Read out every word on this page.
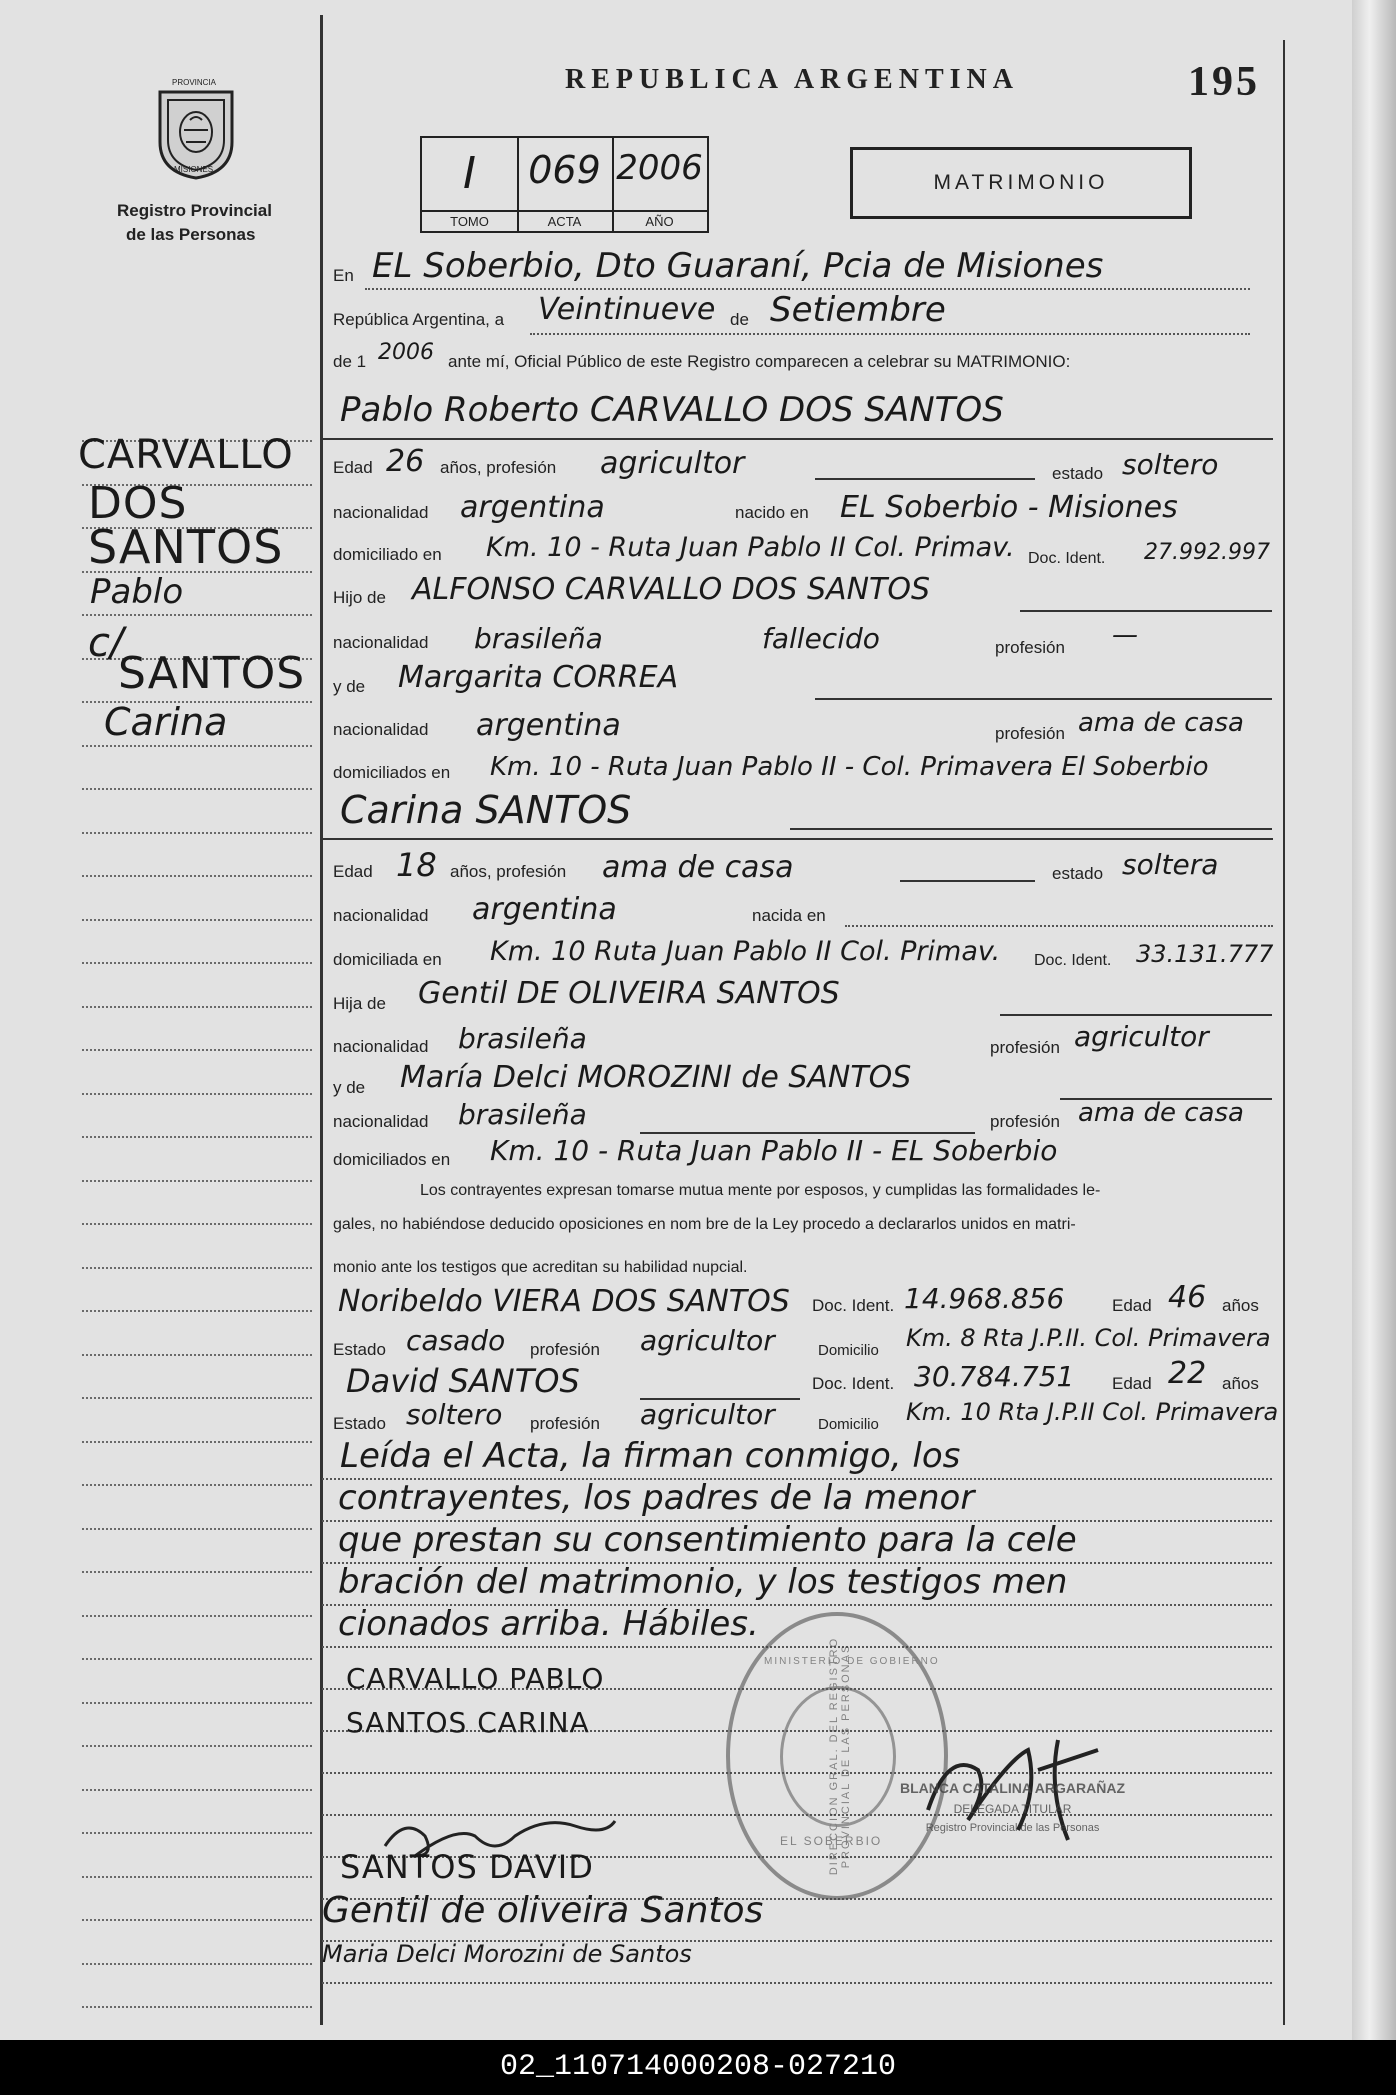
PROVINCIA
MISIONES
Registro Provincial
de las Personas
REPUBLICA ARGENTINA	195
I
TOMO
069
ACTA
2006
AÑO
MATRIMONIO
CARVALLO
DOS
SANTOS
Pablo
c/
SANTOS
Carina
En EL Soberbio, Dto Guaraní, Pcia de Misiones
República Argentina, a Veintinueve de Setiembre
de 1 2006 ante mí, Oficial Público de este Registro comparecen a celebrar su MATRIMONIO:
Pablo Roberto CARVALLO DOS SANTOS
Edad 26 años, profesión agricultor	estado soltero
nacionalidad argentina	nacido en EL Soberbio - Misiones
domiciliado en Km. 10 - Ruta Juan Pablo II Col. Primav. Doc. Ident. 27.992.997
Hijo de ALFONSO CARVALLO DOS SANTOS
nacionalidad brasileña	fallecido	profesión —
y de Margarita CORREA
nacionalidad argentina	profesión ama de casa
domiciliados en Km. 10 - Ruta Juan Pablo II - Col. Primavera El Soberbio
Carina SANTOS
Edad 18 años, profesión ama de casa	estado soltera
nacionalidad argentina	nacida en
domiciliada en Km. 10 Ruta Juan Pablo II Col. Primav. Doc. Ident. 33.131.777
Hija de Gentil DE OLIVEIRA SANTOS
nacionalidad brasileña	profesión agricultor
y de María Delci MOROZINI de SANTOS
nacionalidad brasileña	profesión ama de casa
domiciliados en Km. 10 - Ruta Juan Pablo II - EL Soberbio
Los contrayentes expresan tomarse mutua mente por esposos, y cumplidas las formalidades le-
gales, no habiéndose deducido oposiciones en nom bre de la Ley procedo a declararlos unidos en matri-
monio ante los testigos que acreditan su habilidad nupcial.
Noribeldo VIERA DOS SANTOS Doc. Ident. 14.968.856	Edad 46 años
Estado casado profesión agricultor	Domicilio Km. 8 Rta J.P.II. Col. Primavera
David SANTOS	Doc. Ident. 30.784.751 Edad 22 años
Estado soltero profesión agricultor	Domicilio Km. 10 Rta J.P.II Col. Primavera
Leída el Acta, la firman conmigo, los
contrayentes, los padres de la menor
que prestan su consentimiento para la cele
bración del matrimonio, y los testigos men
cionados arriba. Hábiles.
DIRECCION GRAL. DEL REGISTRO PROVINCIAL DE LAS PERSONAS
MINISTERIO DE GOBIERNO
EL SOBERBIO
BLANCA CATALINA ARGARAÑAZ
DELEGADA TITULAR
Registro Provincial de las Personas
CARVALLO PABLO
SANTOS CARINA
SANTOS DAVID
Gentil de oliveira Santos
Maria Delci Morozini de Santos
02_110714000208-027210
